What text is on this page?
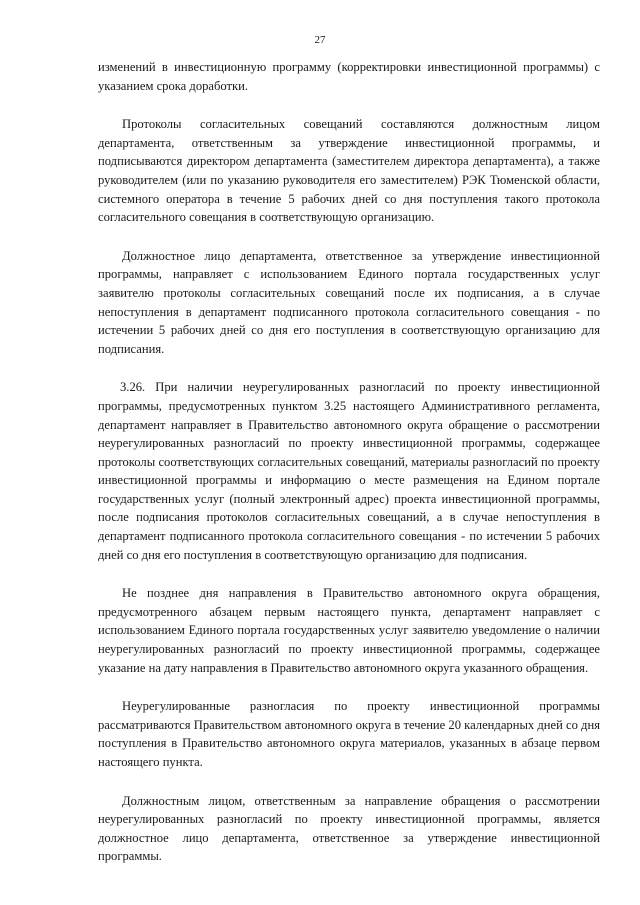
27

изменений в инвестиционную программу (корректировки инвестиционной программы) с указанием срока доработки.

Протоколы согласительных совещаний составляются должностным лицом департамента, ответственным за утверждение инвестиционной программы, и подписываются директором департамента (заместителем директора департамента), а также руководителем (или по указанию руководителя его заместителем) РЭК Тюменской области, системного оператора в течение 5 рабочих дней со дня поступления такого протокола согласительного совещания в соответствующую организацию.

Должностное лицо департамента, ответственное за утверждение инвестиционной программы, направляет с использованием Единого портала государственных услуг заявителю протоколы согласительных совещаний после их подписания, а в случае непоступления в департамент подписанного протокола согласительного совещания - по истечении 5 рабочих дней со дня его поступления в соответствующую организацию для подписания.

3.26. При наличии неурегулированных разногласий по проекту инвестиционной программы, предусмотренных пунктом 3.25 настоящего Административного регламента, департамент направляет в Правительство автономного округа обращение о рассмотрении неурегулированных разногласий по проекту инвестиционной программы, содержащее протоколы соответствующих согласительных совещаний, материалы разногласий по проекту инвестиционной программы и информацию о месте размещения на Едином портале государственных услуг (полный электронный адрес) проекта инвестиционной программы, после подписания протоколов согласительных совещаний, а в случае непоступления в департамент подписанного протокола согласительного совещания - по истечении 5 рабочих дней со дня его поступления в соответствующую организацию для подписания.

Не позднее дня направления в Правительство автономного округа обращения, предусмотренного абзацем первым настоящего пункта, департамент направляет с использованием Единого портала государственных услуг заявителю уведомление о наличии неурегулированных разногласий по проекту инвестиционной программы, содержащее указание на дату направления в Правительство автономного округа указанного обращения.

Неурегулированные разногласия по проекту инвестиционной программы рассматриваются Правительством автономного округа в течение 20 календарных дней со дня поступления в Правительство автономного округа материалов, указанных в абзаце первом настоящего пункта.

Должностным лицом, ответственным за направление обращения о рассмотрении неурегулированных разногласий по проекту инвестиционной программы, является должностное лицо департамента, ответственное за утверждение инвестиционной программы.
